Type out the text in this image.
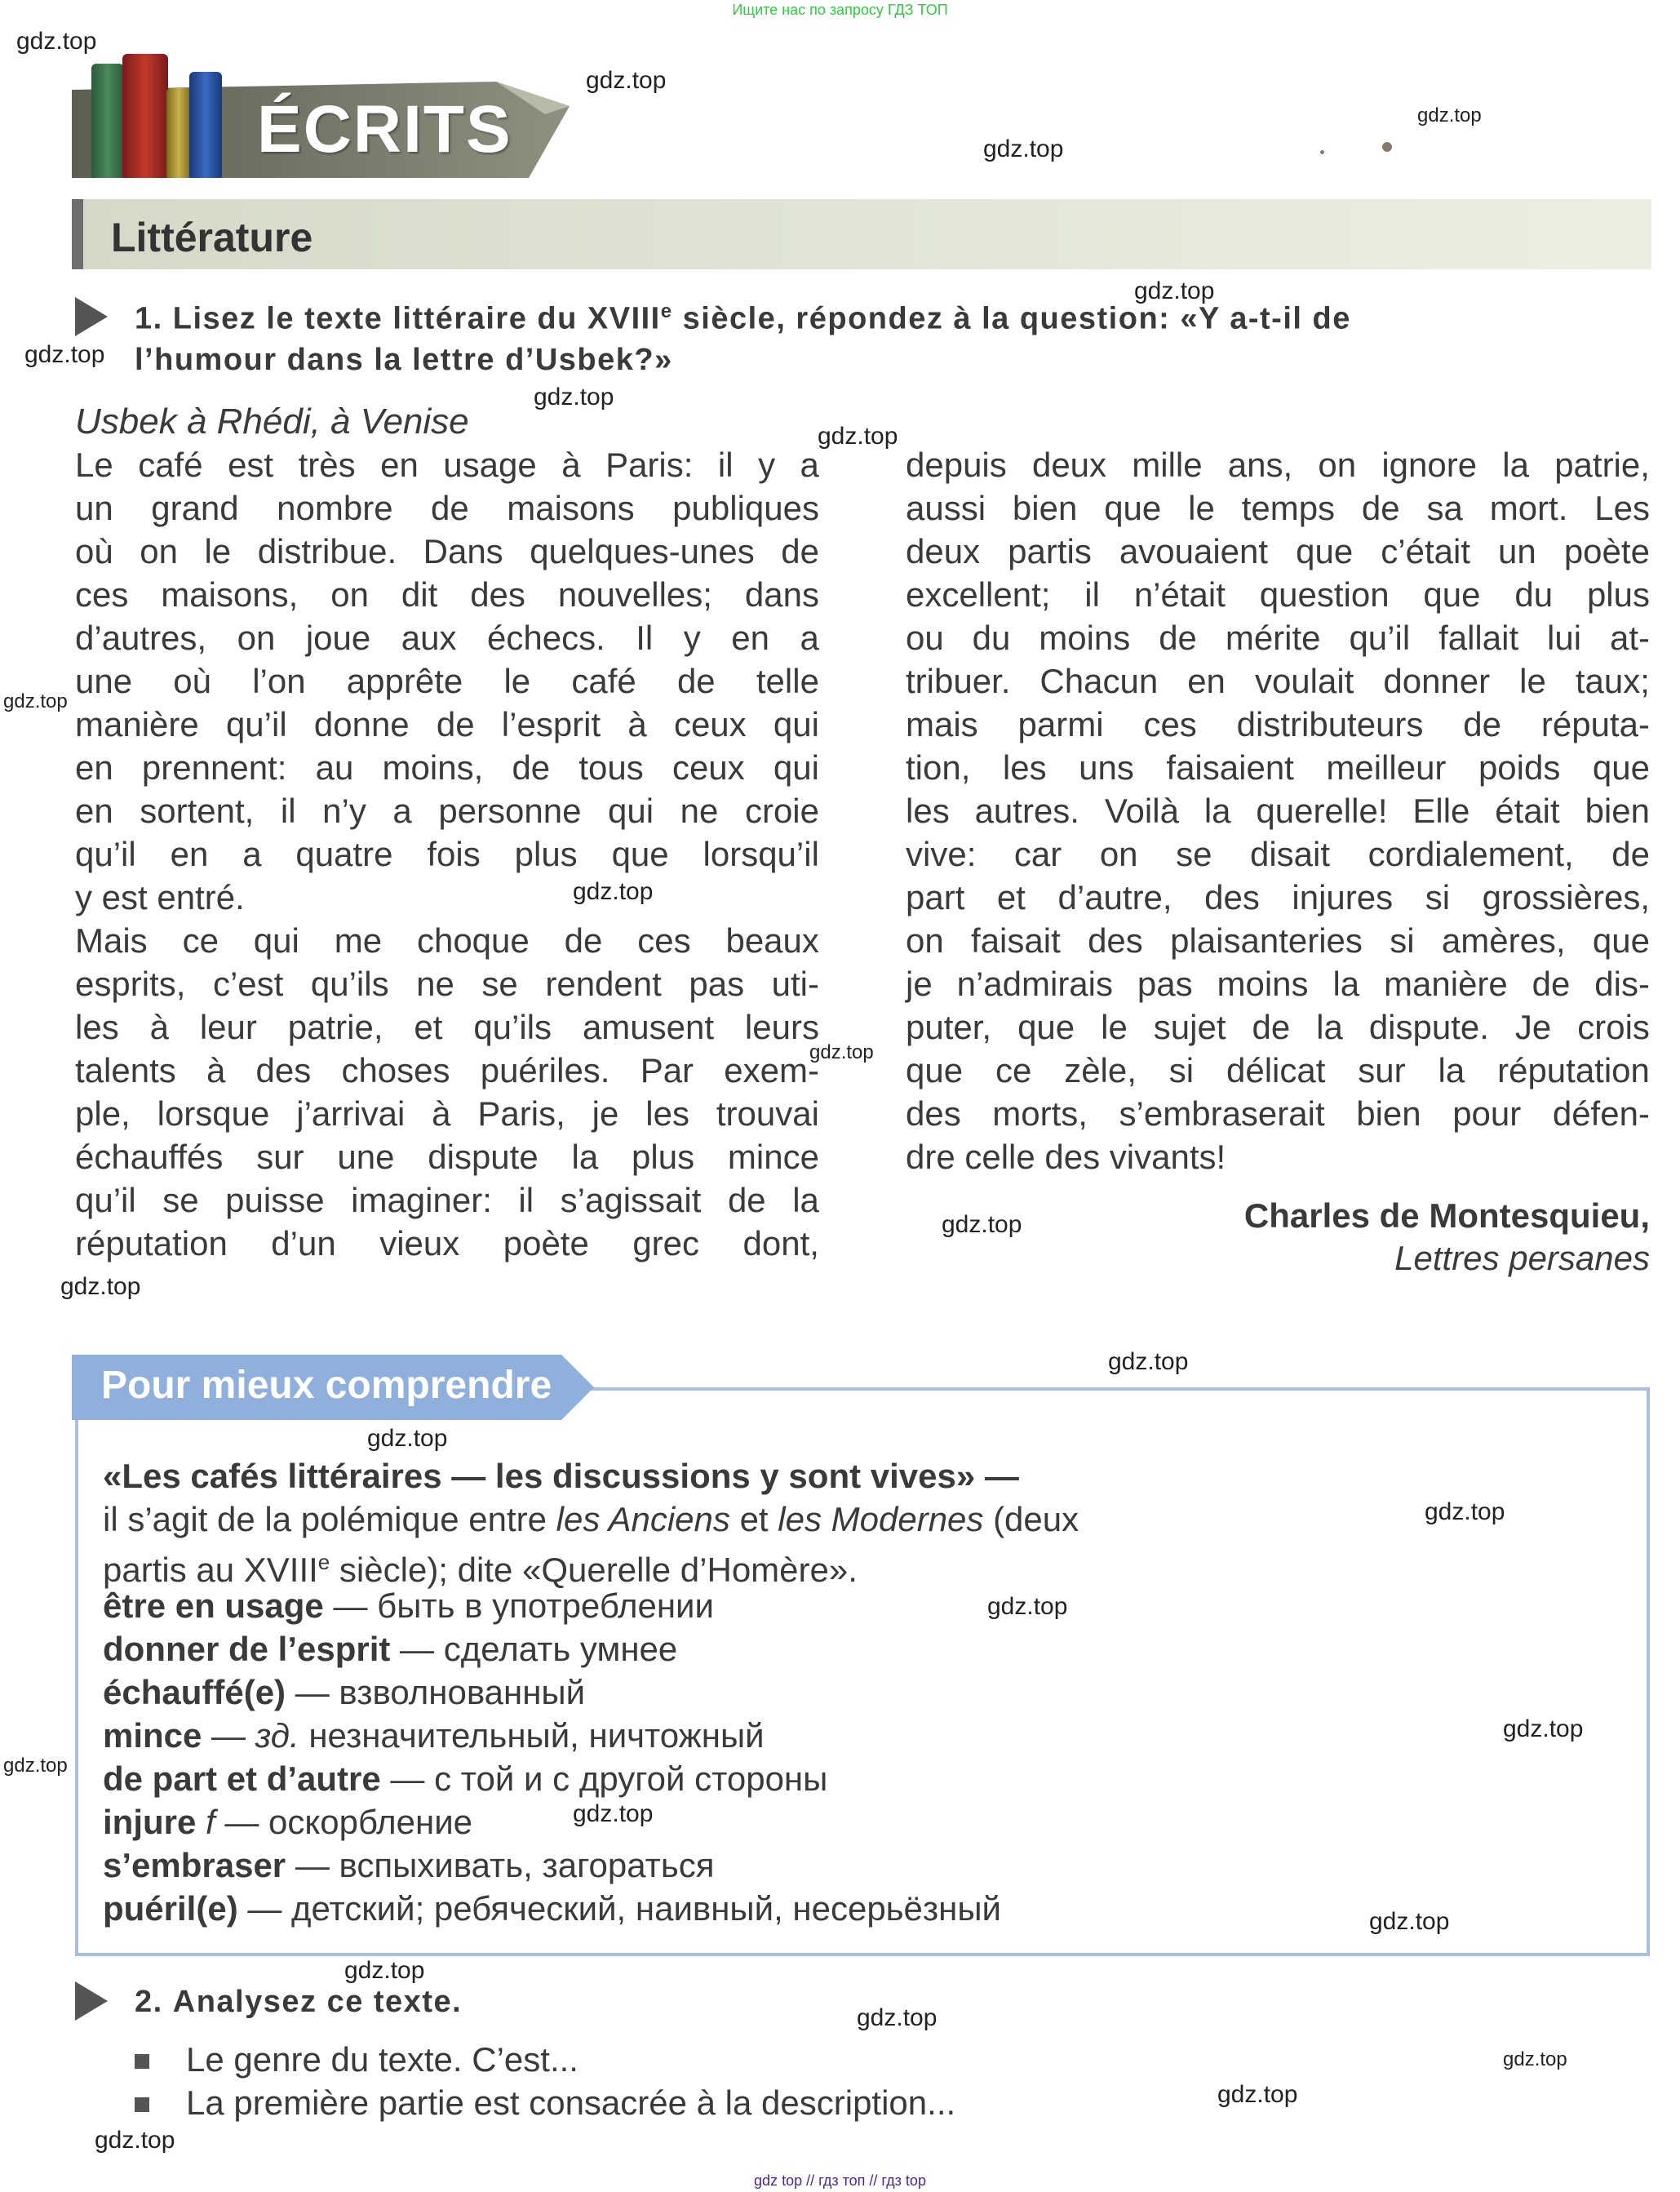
Ищите нас по запросу ГДЗ ТОП
ÉCRITS
Littérature
1. Lisez le texte littéraire du XVIIIe siècle, répondez à la question: «Y a-t-il de
l’humour dans la lettre d’Usbek?»
Usbek à Rhédi, à Venise
Le café est très en usage à Paris: il y a
un grand nombre de maisons publiques
où on le distribue. Dans quelques-unes de
ces maisons, on dit des nouvelles; dans
d’autres, on joue aux échecs. Il y en a
une où l’on apprête le café de telle
manière qu’il donne de l’esprit à ceux qui
en prennent: au moins, de tous ceux qui
en sortent, il n’y a personne qui ne croie
qu’il en a quatre fois plus que lorsqu’il
y est entré.
Mais ce qui me choque de ces beaux
esprits, c’est qu’ils ne se rendent pas uti-
les à leur patrie, et qu’ils amusent leurs
talents à des choses puériles. Par exem-
ple, lorsque j’arrivai à Paris, je les trouvai
échauffés sur une dispute la plus mince
qu’il se puisse imaginer: il s’agissait de la
réputation d’un vieux poète grec dont,
depuis deux mille ans, on ignore la patrie,
aussi bien que le temps de sa mort. Les
deux partis avouaient que c’était un poète
excellent; il n’était question que du plus
ou du moins de mérite qu’il fallait lui at-
tribuer. Chacun en voulait donner le taux;
mais parmi ces distributeurs de réputa-
tion, les uns faisaient meilleur poids que
les autres. Voilà la querelle! Elle était bien
vive: car on se disait cordialement, de
part et d’autre, des injures si grossières,
on faisait des plaisanteries si amères, que
je n’admirais pas moins la manière de dis-
puter, que le sujet de la dispute. Je crois
que ce zèle, si délicat sur la réputation
des morts, s’embraserait bien pour défen-
dre celle des vivants!
Charles de Montesquieu,
Lettres persanes
Pour mieux comprendre
«Les cafés littéraires — les discussions y sont vives» —
il s’agit de la polémique entre les Anciens et les Modernes (deux
partis au XVIIIe siècle); dite «Querelle d’Homère».
être en usage — быть в употреблении
donner de l’esprit — сделать умнее
échauffé(e) — взволнованный
mince — зд. незначительный, ничтожный
de part et d’autre — с той и с другой стороны
injure f — оскорбление
s’embraser — вспыхивать, загораться
puéril(e) — детский; ребяческий, наивный, несерьёзный
2. Analysez ce texte.
Le genre du texte. C’est...
La première partie est consacrée à la description...
gdz.top
gdz.top
gdz.top
gdz.top
gdz.top
gdz.top
gdz.top
gdz.top
gdz.top
gdz.top
gdz.top
gdz.top
gdz.top
gdz.top
gdz.top
gdz.top
gdz.top
gdz.top
gdz.top
gdz.top
gdz.top
gdz.top
gdz.top
gdz.top
gdz.top
gdz.top
gdz top // гдз топ // гдз top
